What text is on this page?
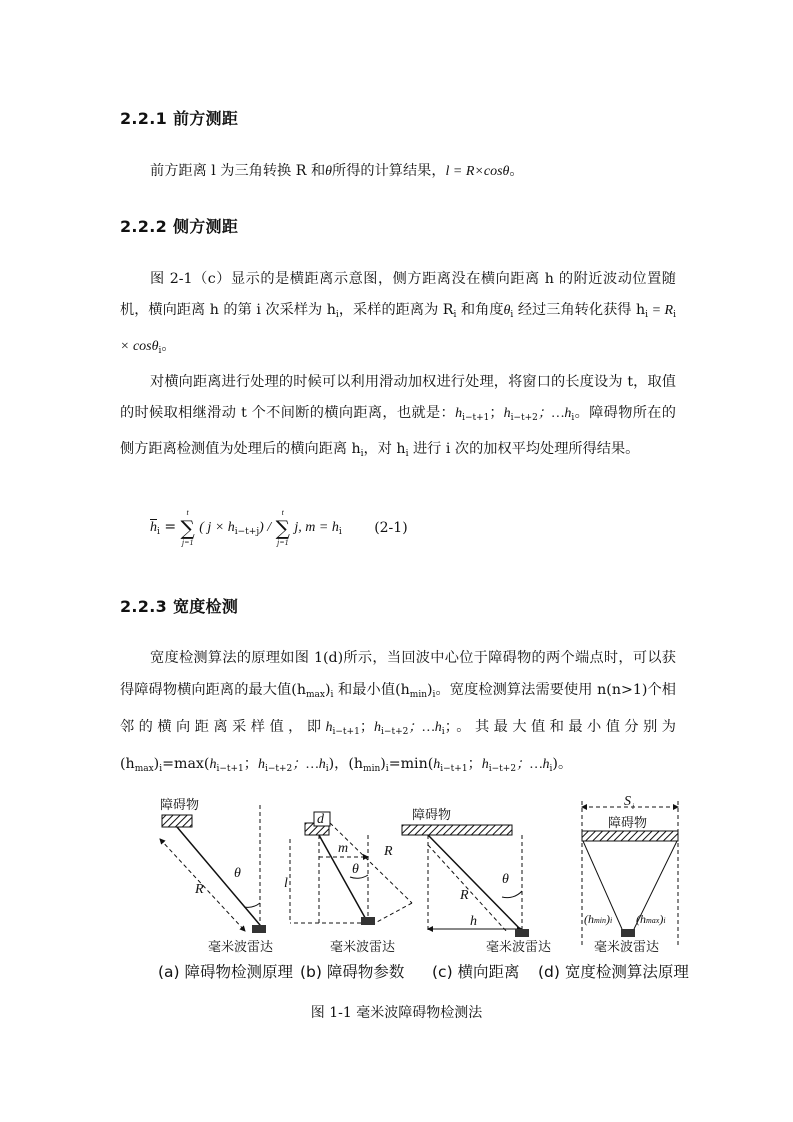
2.2.1 前方测距

前方距离 l 为三角转换 R 和θ所得的计算结果，l = R×cosθ。

2.2.2 侧方测距

图 2-1（c）显示的是横距离示意图，侧方距离没在横向距离 h 的附近波动位置随机，横向距离 h 的第 i 次采样为 $h_i$，采样的距离为 $R_i$ 和角度$\theta_i$ 经过三角转化获得 $h_i = R_i \times \cos\theta_i$。

对横向距离进行处理的时候可以利用滑动加权进行处理，将窗口的长度设为 t，取值的时候取相继滑动 t 个不间断的横向距离，也就是：$h_{i-t+1}$；$h_{i-t+2}$；$\dots h_i$。障碍物所在的侧方距离检测值为处理后的横向距离 $h_i$，对 $h_i$ 进行 i 次的加权平均处理所得结果。

$\overline{h}_i$ =
t
∑
j=1
( $j \times h_{i-t+j}$) /
t
∑
j=1
j, $m = h_i$ (2-1)
2.2.3 宽度检测

宽度检测算法的原理如图 1(d)所示，当回波中心位于障碍物的两个端点时，可以获得障碍物横向距离的最大值$(h_{max})_i$ 和最小值$(h_{min})_i$。宽度检测算法需要使用 n(n>1)个相邻的横向距离采样值，即$h_{i-t+1}$；$h_{i-t+2}$；$\dots h_i$；。其最大值和最小值分别为$(h_{max})_i=\max(h_{i-t+1}$；$h_{i-t+2}$；$\dots h_i$)，$(h_{min})_i=\min(h_{i-t+1}$；$h_{i-t+2}$；$\dots h_i$)。

障碍物
θ
R
毫米波雷达
d
l
m	R
θ
毫米波雷达
障碍物
h
R
θ
毫米波雷达
S i
障碍物
(hmin)i (hmax)i
毫米波雷达
(a) 障碍物检测原理 (b) 障碍物参数 (c) 横向距离 (d) 宽度检测算法原理
图 1-1 毫米波障碍物检测法
